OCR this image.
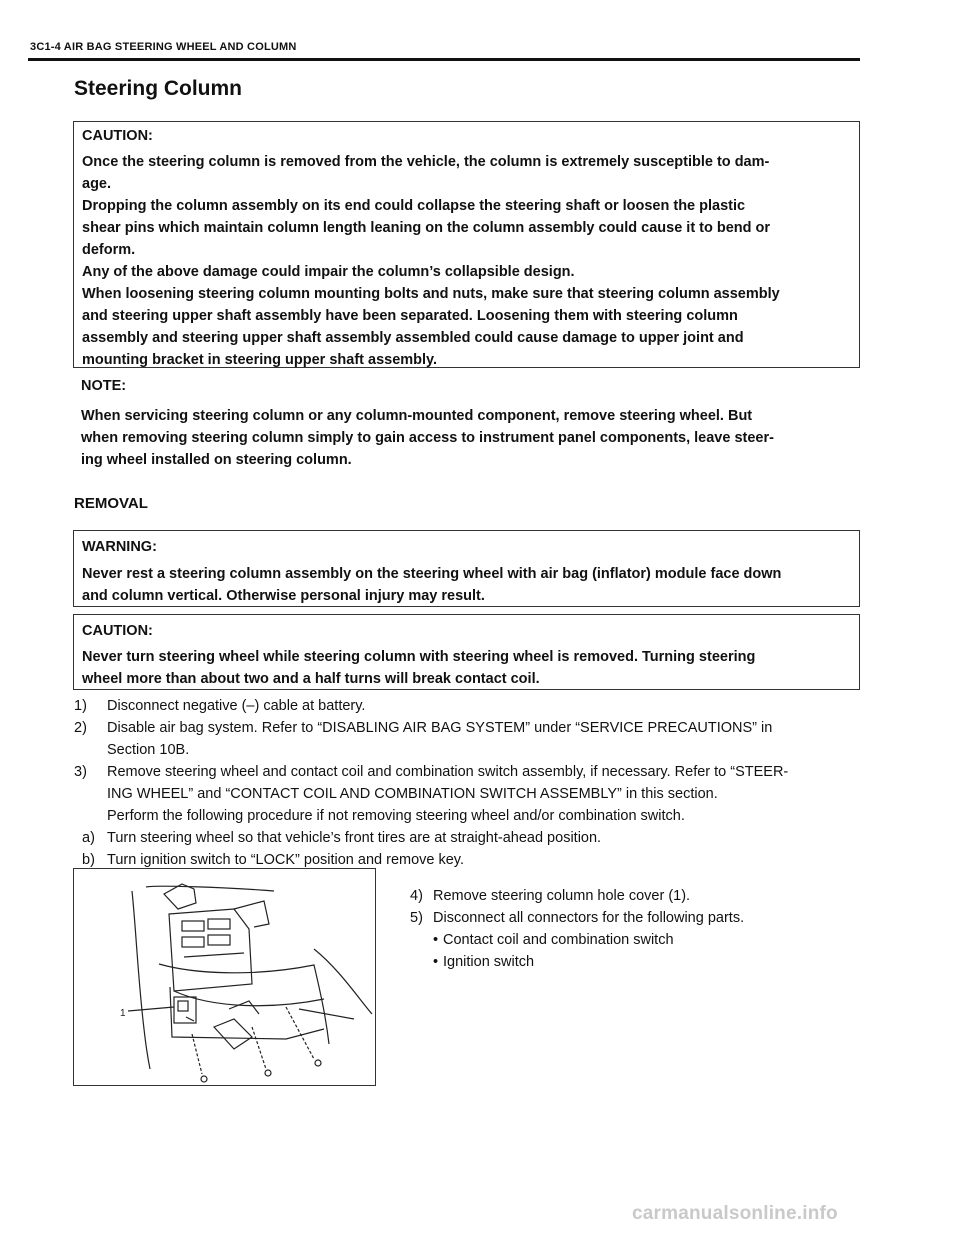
3C1-4 AIR BAG STEERING WHEEL AND COLUMN
Steering Column
CAUTION:
Once the steering column is removed from the vehicle, the column is extremely susceptible to dam-
age.
Dropping the column assembly on its end could collapse the steering shaft or loosen the plastic
shear pins which maintain column length leaning on the column assembly could cause it to bend or
deform.
Any of the above damage could impair the column’s collapsible design.
When loosening steering column mounting bolts and nuts, make sure that steering column assembly
and steering upper shaft assembly have been separated. Loosening them with steering column
assembly and steering upper shaft assembly assembled could cause damage to upper joint and
mounting bracket in steering upper shaft assembly.
NOTE:
When servicing steering column or any column-mounted component, remove steering wheel. But
when removing steering column simply to gain access to instrument panel components, leave steer-
ing wheel installed on steering column.
REMOVAL
WARNING:
Never rest a steering column assembly on the steering wheel with air bag (inflator) module face down
and column vertical. Otherwise personal injury may result.
CAUTION:
Never turn steering wheel while steering column with steering wheel is removed. Turning steering
wheel more than about two and a half turns will break contact coil.
1) Disconnect negative (–) cable at battery.
2) Disable air bag system. Refer to “DISABLING AIR BAG SYSTEM” under “SERVICE PRECAUTIONS” in
Section 10B.
3) Remove steering wheel and contact coil and combination switch assembly, if necessary. Refer to “STEER-
ING WHEEL” and “CONTACT COIL AND COMBINATION SWITCH ASSEMBLY” in this section.
Perform the following procedure if not removing steering wheel and/or combination switch.
a) Turn steering wheel so that vehicle’s front tires are at straight-ahead position.
b) Turn ignition switch to “LOCK” position and remove key.
1
4) Remove steering column hole cover (1).
5) Disconnect all connectors for the following parts.
• Contact coil and combination switch
• Ignition switch
carmanualsonline.info
